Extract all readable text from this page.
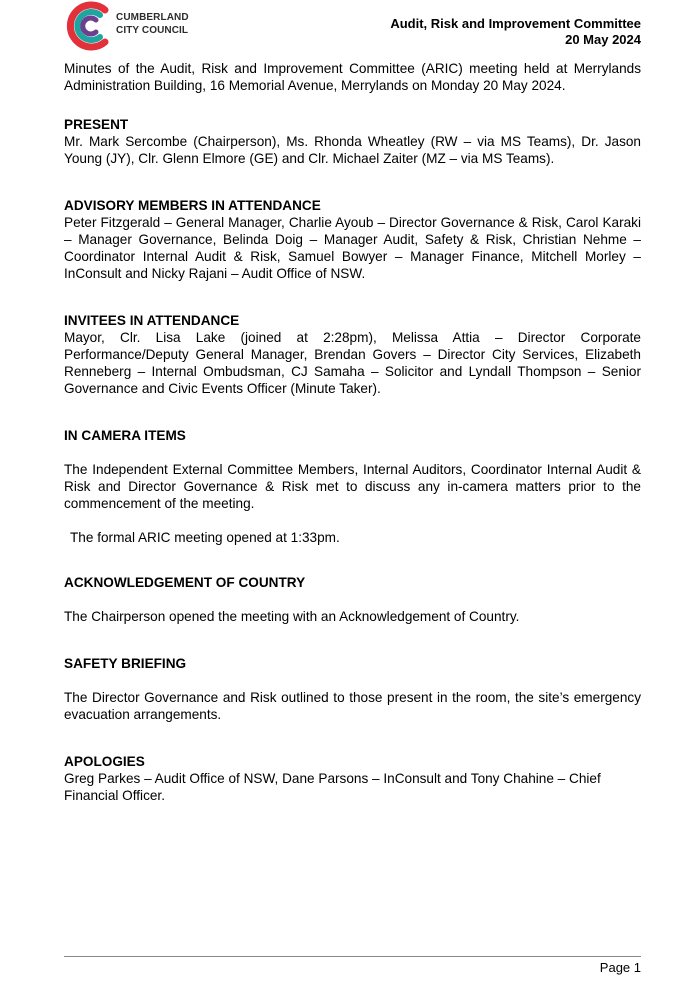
CUMBERLAND
CITY COUNCIL	Audit, Risk and Improvement Committee
20 May 2024

Minutes of the Audit, Risk and Improvement Committee (ARIC) meeting held at Merrylands Administration Building, 16 Memorial Avenue, Merrylands on Monday 20 May 2024.

PRESENT

Mr. Mark Sercombe (Chairperson), Ms. Rhonda Wheatley (RW – via MS Teams), Dr. Jason Young (JY), Clr. Glenn Elmore (GE) and Clr. Michael Zaiter (MZ – via MS Teams).

ADVISORY MEMBERS IN ATTENDANCE

Peter Fitzgerald – General Manager, Charlie Ayoub – Director Governance & Risk, Carol Karaki – Manager Governance, Belinda Doig – Manager Audit, Safety & Risk, Christian Nehme – Coordinator Internal Audit & Risk, Samuel Bowyer – Manager Finance, Mitchell Morley – InConsult and Nicky Rajani – Audit Office of NSW.

INVITEES IN ATTENDANCE

Mayor, Clr. Lisa Lake (joined at 2:28pm), Melissa Attia – Director Corporate Performance/Deputy General Manager, Brendan Govers – Director City Services, Elizabeth Renneberg – Internal Ombudsman, CJ Samaha – Solicitor and Lyndall Thompson – Senior Governance and Civic Events Officer (Minute Taker).

IN CAMERA ITEMS

The Independent External Committee Members, Internal Auditors, Coordinator Internal Audit & Risk and Director Governance & Risk met to discuss any in-camera matters prior to the commencement of the meeting.

The formal ARIC meeting opened at 1:33pm.

ACKNOWLEDGEMENT OF COUNTRY

The Chairperson opened the meeting with an Acknowledgement of Country.

SAFETY BRIEFING

The Director Governance and Risk outlined to those present in the room, the site’s emergency evacuation arrangements.

APOLOGIES

Greg Parkes – Audit Office of NSW, Dane Parsons – InConsult and Tony Chahine – Chief Financial Officer.

Page 1
